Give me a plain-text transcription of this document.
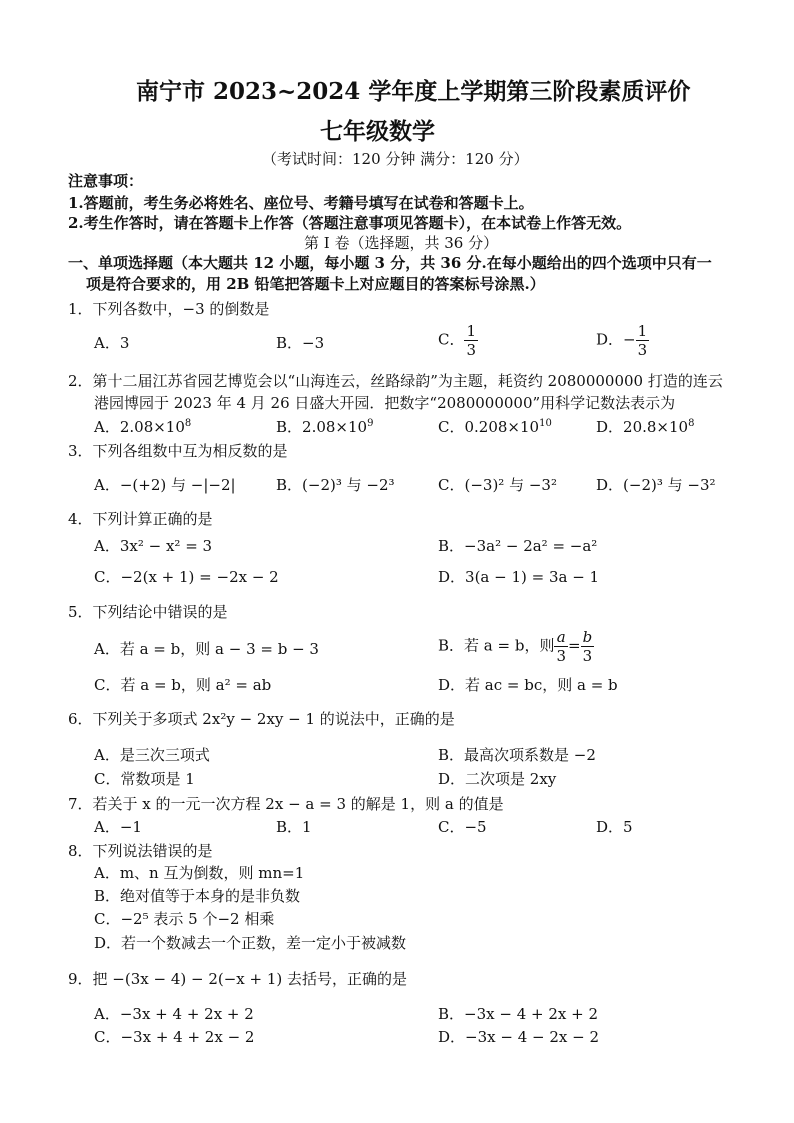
南宁市 2023~2024 学年度上学期第三阶段素质评价
七年级数学
（考试时间：120 分钟 满分：120 分）
注意事项：
1.答题前，考生务必将姓名、座位号、考籍号填写在试卷和答题卡上。
2.考生作答时，请在答题卡上作答（答题注意事项见答题卡），在本试卷上作答无效。
第 I 卷（选择题，共 36 分）
一、单项选择题（本大题共 12 小题，每小题 3 分，共 36 分.在每小题给出的四个选项中只有一
项是符合要求的，用 2B 铅笔把答题卡上对应题目的答案标号涂黑.）
1．下列各数中，−3 的倒数是
A．3	B．−3	C． $\frac{1}{3}$	D．− $\frac{1}{3}$
2．第十二届江苏省园艺博览会以“山海连云，丝路绿韵”为主题，耗资约 2080000000 打造的连云
港园博园于 2023 年 4 月 26 日盛大开园．把数字“2080000000”用科学记数法表示为
A．$2.08\times 10^8$	B．$2.08\times 10^9$	C．$0.208\times 10^{10}$	D．$20.8\times 10^8$
3．下列各组数中互为相反数的是
A．−(+2) 与 −|−2|	B．(−2)³ 与 −2³	C．(−3)² 与 −3²	D．(−2)³ 与 −3²
4．下列计算正确的是
A．3x² − x² = 3	B．−3a² − 2a² = −a²
C．−2(x + 1) = −2x − 2	D．3(a − 1) = 3a − 1
5．下列结论中错误的是
A．若 a = b，则 a − 3 = b − 3	B．若 a = b，则 $\frac{a}{3} = \frac{b}{3}$
C．若 a = b，则 a² = ab	D．若 ac = bc，则 a = b
6．下列关于多项式 2x²y − 2xy − 1 的说法中，正确的是
A．是三次三项式	B．最高次项系数是 −2
C．常数项是 1	D．二次项是 2xy
7．若关于 x 的一元一次方程 2x − a = 3 的解是 1，则 a 的值是
A．−1	B．1	C．−5	D．5
8．下列说法错误的是
A．m、n 互为倒数，则 mn=1
B．绝对值等于本身的是非负数
C．−2⁵ 表示 5 个−2 相乘
D．若一个数减去一个正数，差一定小于被减数
9．把 −(3x − 4) − 2(−x + 1) 去括号，正确的是
A．−3x + 4 + 2x + 2	B．−3x − 4 + 2x + 2
C．−3x + 4 + 2x − 2	D．−3x − 4 − 2x − 2
